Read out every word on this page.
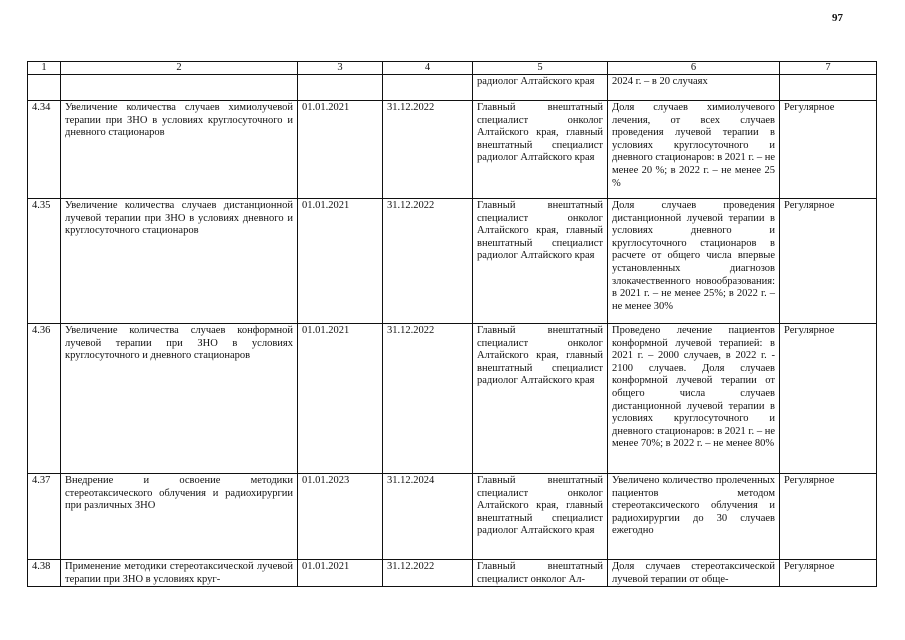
97
1	2	3	4	5	6	7
				радиолог Алтайского края	2024 г. – в 20 случаях	
4.34	Увеличение количества случаев химиолучевой терапии при ЗНО в условиях круглосуточного и дневного стационаров	01.01.2021	31.12.2022	Главный внештатный специалист онколог Алтайского края, главный внештатный специалист радиолог Алтайского края	Доля случаев химиолучевого лечения, от всех случаев проведения лучевой терапии в условиях круглосуточного и дневного стационаров: в 2021 г. – не менее 20 %; в 2022 г. – не менее 25 %	Регулярное
4.35	Увеличение количества случаев дистанционной лучевой терапии при ЗНО в условиях дневного и круглосуточного стационаров	01.01.2021	31.12.2022	Главный внештатный специалист онколог Алтайского края, главный внештатный специалист радиолог Алтайского края	Доля случаев проведения дистанционной лучевой терапии в условиях дневного и круглосуточного стационаров в расчете от общего числа впервые установленных диагнозов злокачественного новообразования: в 2021 г. – не менее 25%; в 2022 г. – не менее 30%	Регулярное
4.36	Увеличение количества случаев конформной лучевой терапии при ЗНО в условиях круглосуточного и дневного стационаров	01.01.2021	31.12.2022	Главный внештатный специалист онколог Алтайского края, главный внештатный специалист радиолог Алтайского края	Проведено лечение пациентов конформной лучевой терапией: в 2021 г. – 2000 случаев, в 2022 г. - 2100 случаев. Доля случаев конформной лучевой терапии от общего числа случаев дистанционной лучевой терапии в условиях круглосуточного и дневного стационаров: в 2021 г. – не менее 70%; в 2022 г. – не менее 80%	Регулярное
4.37	Внедрение и освоение методики стереотаксического облучения и радиохирургии при различных ЗНО	01.01.2023	31.12.2024	Главный внештатный специалист онколог Алтайского края, главный внештатный специалист радиолог Алтайского края	Увеличено количество пролеченных пациентов методом стереотаксического облучения и радиохирургии до 30 случаев ежегодно	Регулярное
4.38	Применение методики стереотаксической лучевой терапии при ЗНО в условиях круг-	01.01.2021	31.12.2022	Главный внештатный специалист онколог Ал-	Доля случаев стереотаксической лучевой терапии от обще-	Регулярное
